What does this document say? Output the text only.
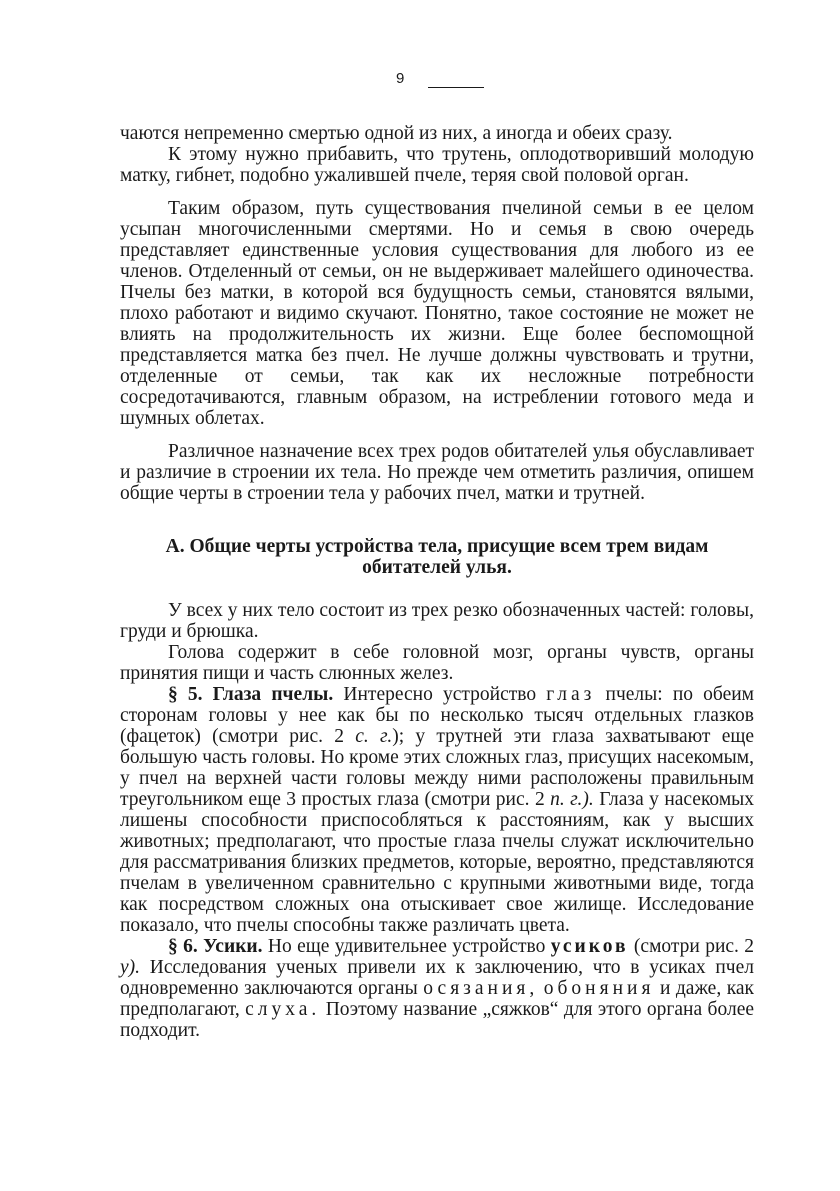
9

чаются непременно смертью одной из них, а иногда и обеих сразу.

К этому нужно прибавить, что трутень, оплодотворивший молодую матку, гибнет, подобно ужалившей пчеле, теряя свой половой орган.

Таким образом, путь существования пчелиной семьи в ее целом усыпан многочисленными смертями. Но и семья в свою очередь представляет единственные условия существования для любого из ее членов. Отделенный от семьи, он не выдерживает малейшего одиночества. Пчелы без матки, в которой вся будущность семьи, становятся вялыми, плохо работают и видимо скучают. Понятно, такое состояние не может не влиять на продолжительность их жизни. Еще более беспомощной представляется матка без пчел. Не лучше должны чувствовать и трутни, отделенные от семьи, так как их несложные потребности сосредотачиваются, главным образом, на истреблении готового меда и шумных облетах.

Различное назначение всех трех родов обитателей улья обуславливает и различие в строении их тела. Но прежде чем отметить различия, опишем общие черты в строении тела у рабочих пчел, матки и трутней.

А. Общие черты устройства тела, присущие всем трем видам обитателей улья.

У всех у них тело состоит из трех резко обозначенных частей: головы, груди и брюшка.

Голова содержит в себе головной мозг, органы чувств, органы принятия пищи и часть слюнных желез.

§ 5. Глаза пчелы. Интересно устройство глаз пчелы: по обеим сторонам головы у нее как бы по несколько тысяч отдельных глазков (фацеток) (смотри рис. 2 с. г.); у трутней эти глаза захватывают еще большую часть головы. Но кроме этих сложных глаз, присущих насекомым, у пчел на верхней части головы между ними расположены правильным треугольником еще 3 простых глаза (смотри рис. 2 п. г.). Глаза у насекомых лишены способности приспособляться к расстояниям, как у высших животных; предполагают, что простые глаза пчелы служат исключительно для рассматривания близких предметов, которые, вероятно, представляются пчелам в увеличенном сравнительно с крупными животными виде, тогда как посредством сложных она отыскивает свое жилище. Исследование показало, что пчелы способны также различать цвета.

§ 6. Усики. Но еще удивительнее устройство усиков (смотри рис. 2 у). Исследования ученых привели их к заключению, что в усиках пчел одновременно заключаются органы осязания, обоняния и даже, как предполагают, слуха. Поэтому название „сяжков“ для этого органа более подходит.
